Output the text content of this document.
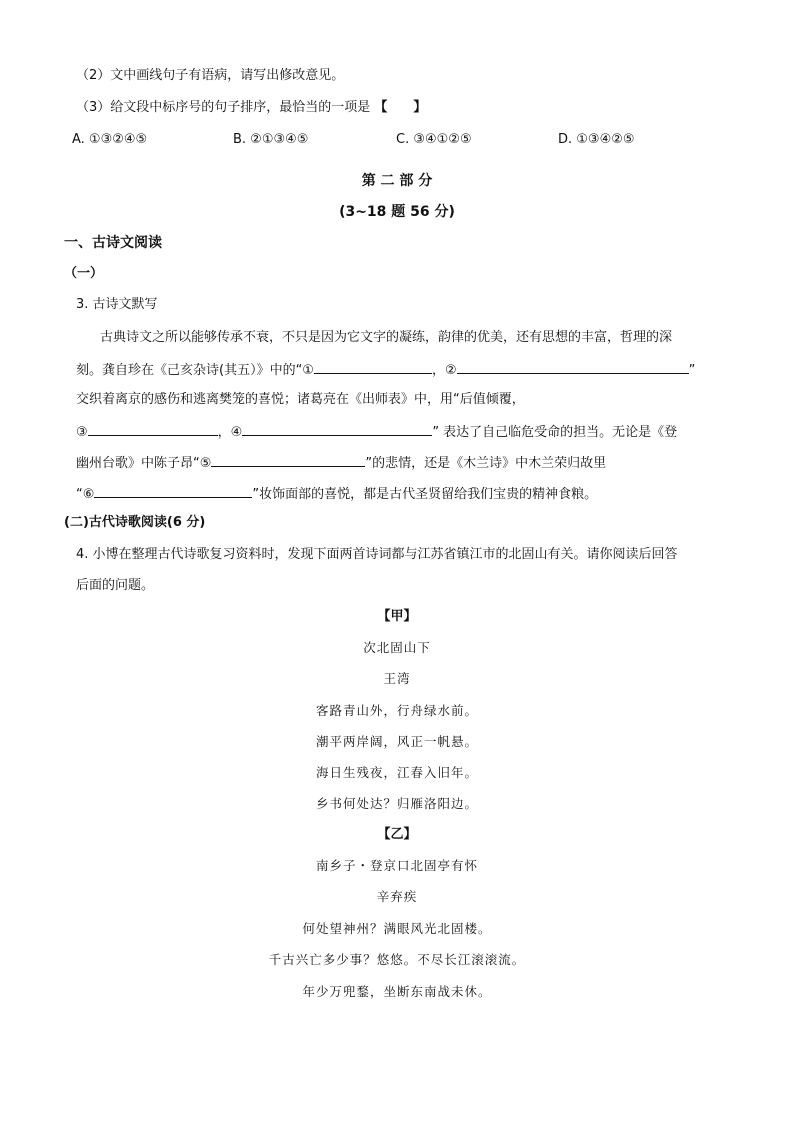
（2）文中画线句子有语病，请写出修改意见。
（3）给文段中标序号的句子排序，最恰当的一项是 【　　】
A. ①③②④⑤	B. ②①③④⑤	C. ③④①②⑤	D. ①③④②⑤
第 二 部 分
(3~18 题 56 分)
一、古诗文阅读
（一）
3. 古诗文默写
古典诗文之所以能够传承不衰，不只是因为它文字的凝练，韵律的优美，还有思想的丰富，哲理的深
刻。龚自珍在《己亥杂诗(其五）》中的“①	，②	”
交织着离京的感伤和逃离樊笼的喜悦；诸葛亮在《出师表》中，用“后值倾覆，
③	，④	” 表达了自己临危受命的担当。无论是《登
幽州台歌》中陈子昂“⑤	”的悲情，还是《木兰诗》中木兰荣归故里
“⑥	”妆饰面部的喜悦，都是古代圣贤留给我们宝贵的精神食粮。
(二)古代诗歌阅读(6 分)
4. 小博在整理古代诗歌复习资料时，发现下面两首诗词都与江苏省镇江市的北固山有关。请你阅读后回答
后面的问题。
【甲】
次北固山下
王湾
客路青山外，行舟绿水前。
潮平两岸阔，风正一帆悬。
海日生残夜，江春入旧年。
乡书何处达？归雁洛阳边。
【乙】
南乡子・登京口北固亭有怀
辛弃疾
何处望神州？满眼风光北固楼。
千古兴亡多少事？悠悠。不尽长江滚滚流。
年少万兜鍪，坐断东南战未休。
